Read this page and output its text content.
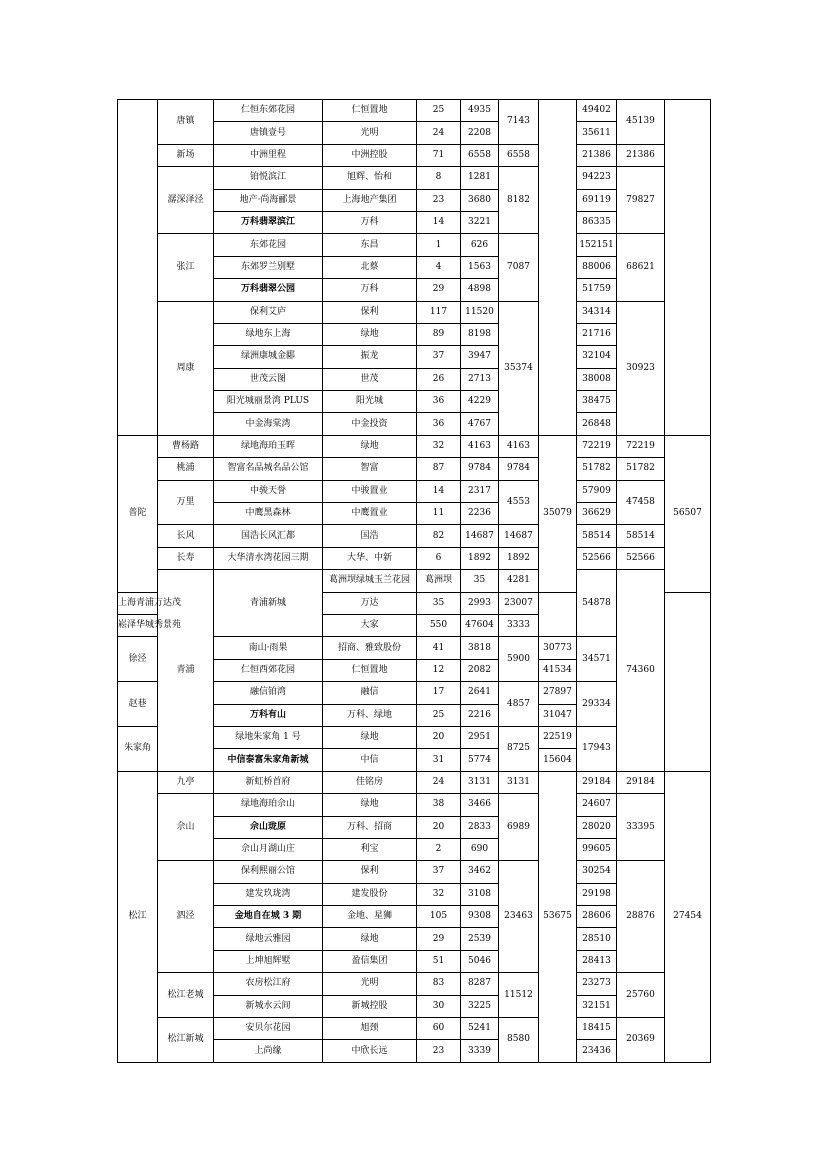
	唐镇	仁恒东郊花园	仁恒置地	25	4935	7143		49402	45139		
		唐镇壹号	光明	24	2208			35611			
	新场	中洲里程	中洲控股	71	6558	6558		21386	21386		
	潺深泽泾	铂悦滨江	旭辉、怡和	8	1281	8182		94223	79827		
		地产·尚海郦景	上海地产集团	23	3680			69119			
		万科翡翠滨江	万科	14	3221			86335			
	张江	东郊花园	东昌	1	626	7087		152151	68621		
		东郊罗兰别墅	北蔡	4	1563			88006			
		万科翡翠公园	万科	29	4898			51759			
	周康	保利艾庐	保利	117	11520	35374		34314	30923		
		绿地东上海	绿地	89	8198			21716			
		绿洲康城金郾	振龙	37	3947			32104			
		世茂云图	世茂	26	2713			38008			
		阳光城丽景湾 PLUS	阳光城	36	4229			38475			
		中金海棠湾	中金投资	36	4767			26848			
普陀	曹杨路	绿地海珀玉晖	绿地	32	4163	4163	35079	72219	72219	56507	
	桃浦	智富名品城名品公馆	智富	87	9784	9784		51782	51782		
	万里	中骏天誉	中骏置业	14	2317	4553		57909	47458		
		中鹰黑森林	中鹰置业	11	2236			36629			
	长风	国浩长风汇都	国浩	82	14687	14687		58514	58514		
	长寿	大华清水湾花园三期	大华、中新	6	1892	1892		52566	52566		
	青浦	青浦新城	葛洲坝绿城玉兰花园	葛洲坝	35	4281		54878	74360			
上海青浦万达茂			万达	35	2993	23007					
崧泽华城秀景苑			大家	550	47604	3333					
徐泾		南山·雨果	招商、雅致股份	41	3818	5900	30773	34571			
		仁恒西郊花园	仁恒置地	12	2082		41534				
赵巷		融信铂湾	融信	17	2641	4857	27897	29334			
		万科有山	万科、绿地	25	2216		31047				
朱家角		绿地朱家角 1 号	绿地	20	2951	8725	22519	17943			
		中信泰富朱家角新城	中信	31	5774		15604				
松江	九亭	新虹桥首府	佳铭房	24	3131	3131	53675	29184	29184	27454	
	佘山	绿地海珀佘山	绿地	38	3466	6989		24607	33395		
		佘山珑原	万科、招商	20	2833			28020			
		佘山月湖山庄	利宝	2	690			99605			
	泗泾	保利熙丽公馆	保利	37	3462	23463		30254	28876		
		建发玖珑湾	建发股份	32	3108			29198			
		金地自在城 3 期	金地、星狮	105	9308			28606			
		绿地云雅园	绿地	29	2539			28510			
		上坤旭辉墅	盈信集团	51	5046			28413			
	松江老城	农房松江府	光明	83	8287	11512		23273	25760		
		新城水云间	新城控股	30	3225			32151			
	松江新城	安贝尔花园	旭颈	60	5241	8580		18415	20369		
		上尚缘	中欣长远	23	3339			23436			
